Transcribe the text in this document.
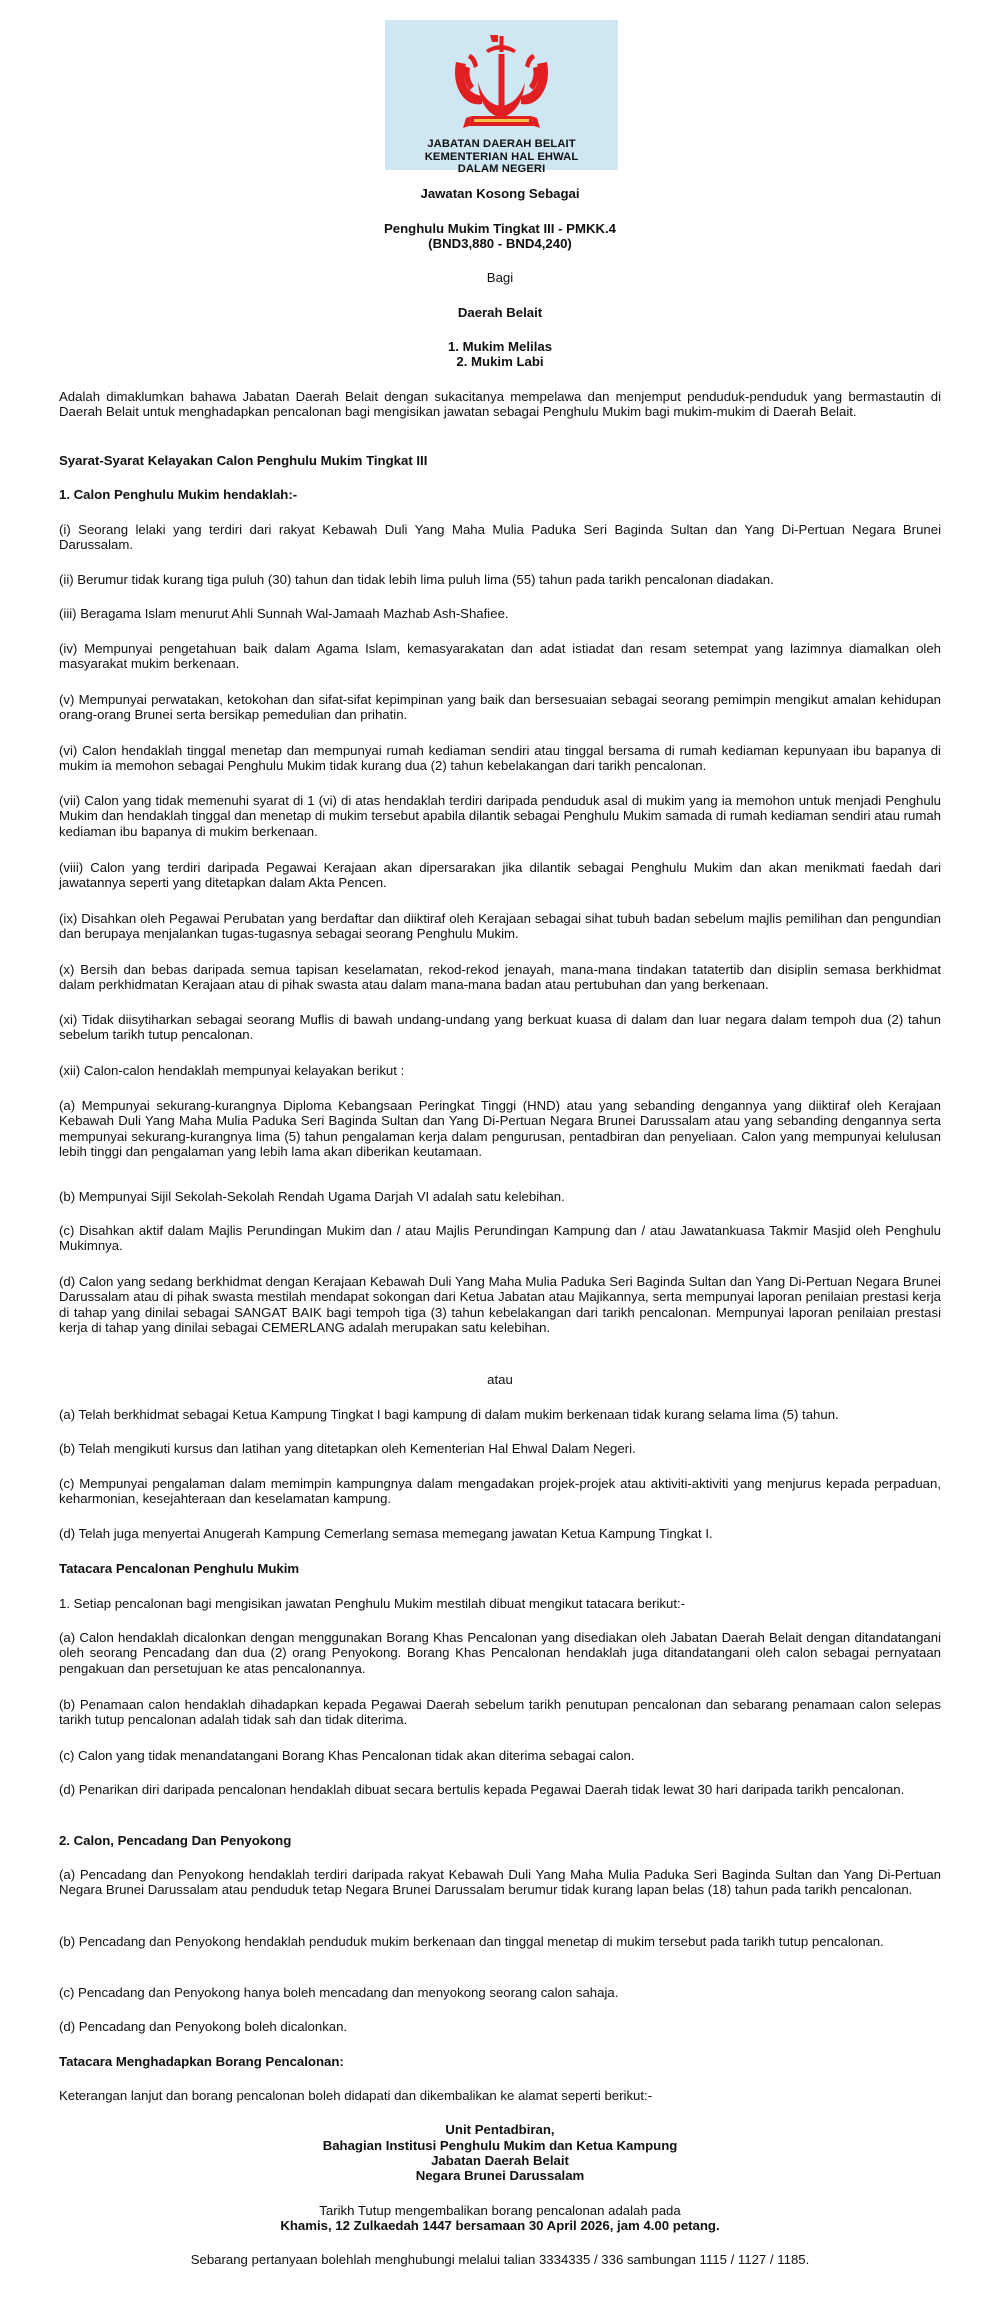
JABATAN DAERAH BELAIT
KEMENTERIAN HAL EHWAL
DALAM NEGERI
Jawatan Kosong Sebagai
Penghulu Mukim Tingkat III - PMKK.4
(BND3,880 - BND4,240)
Bagi
Daerah Belait
1. Mukim Melilas
2. Mukim Labi
Adalah dimaklumkan bahawa Jabatan Daerah Belait dengan sukacitanya mempelawa dan menjemput penduduk-penduduk yang bermastautin di Daerah Belait untuk menghadapkan pencalonan bagi mengisikan jawatan sebagai Penghulu Mukim bagi mukim-mukim di Daerah Belait.
Syarat-Syarat Kelayakan Calon Penghulu Mukim Tingkat III
1. Calon Penghulu Mukim hendaklah:-
(i) Seorang lelaki yang terdiri dari rakyat Kebawah Duli Yang Maha Mulia Paduka Seri Baginda Sultan dan Yang Di-Pertuan Negara Brunei Darussalam.
(ii) Berumur tidak kurang tiga puluh (30) tahun dan tidak lebih lima puluh lima (55) tahun pada tarikh pencalonan diadakan.
(iii) Beragama Islam menurut Ahli Sunnah Wal-Jamaah Mazhab Ash-Shafiee.
(iv) Mempunyai pengetahuan baik dalam Agama Islam, kemasyarakatan dan adat istiadat dan resam setempat yang lazimnya diamalkan oleh masyarakat mukim berkenaan.
(v) Mempunyai perwatakan, ketokohan dan sifat-sifat kepimpinan yang baik dan bersesuaian sebagai seorang pemimpin mengikut amalan kehidupan orang-orang Brunei serta bersikap pemedulian dan prihatin.
(vi) Calon hendaklah tinggal menetap dan mempunyai rumah kediaman sendiri atau tinggal bersama di rumah kediaman kepunyaan ibu bapanya di mukim ia memohon sebagai Penghulu Mukim tidak kurang dua (2) tahun kebelakangan dari tarikh pencalonan.
(vii) Calon yang tidak memenuhi syarat di 1 (vi) di atas hendaklah terdiri daripada penduduk asal di mukim yang ia memohon untuk menjadi Penghulu Mukim dan hendaklah tinggal dan menetap di mukim tersebut apabila dilantik sebagai Penghulu Mukim samada di rumah kediaman sendiri atau rumah kediaman ibu bapanya di mukim berkenaan.
(viii) Calon yang terdiri daripada Pegawai Kerajaan akan dipersarakan jika dilantik sebagai Penghulu Mukim dan akan menikmati faedah dari jawatannya seperti yang ditetapkan dalam Akta Pencen.
(ix) Disahkan oleh Pegawai Perubatan yang berdaftar dan diiktiraf oleh Kerajaan sebagai sihat tubuh badan sebelum majlis pemilihan dan pengundian dan berupaya menjalankan tugas-tugasnya sebagai seorang Penghulu Mukim.
(x) Bersih dan bebas daripada semua tapisan keselamatan, rekod-rekod jenayah, mana-mana tindakan tatatertib dan disiplin semasa berkhidmat dalam perkhidmatan Kerajaan atau di pihak swasta atau dalam mana-mana badan atau pertubuhan dan yang berkenaan.
(xi) Tidak diisytiharkan sebagai seorang Muflis di bawah undang-undang yang berkuat kuasa di dalam dan luar negara dalam tempoh dua (2) tahun sebelum tarikh tutup pencalonan.
(xii) Calon-calon hendaklah mempunyai kelayakan berikut :
(a) Mempunyai sekurang-kurangnya Diploma Kebangsaan Peringkat Tinggi (HND) atau yang sebanding dengannya yang diiktiraf oleh Kerajaan Kebawah Duli Yang Maha Mulia Paduka Seri Baginda Sultan dan Yang Di-Pertuan Negara Brunei Darussalam atau yang sebanding dengannya serta mempunyai sekurang-kurangnya lima (5) tahun pengalaman kerja dalam pengurusan, pentadbiran dan penyeliaan. Calon yang mempunyai kelulusan lebih tinggi dan pengalaman yang lebih lama akan diberikan keutamaan.
(b) Mempunyai Sijil Sekolah-Sekolah Rendah Ugama Darjah VI adalah satu kelebihan.
(c) Disahkan aktif dalam Majlis Perundingan Mukim dan / atau Majlis Perundingan Kampung dan / atau Jawatankuasa Takmir Masjid oleh Penghulu Mukimnya.
(d) Calon yang sedang berkhidmat dengan Kerajaan Kebawah Duli Yang Maha Mulia Paduka Seri Baginda Sultan dan Yang Di-Pertuan Negara Brunei Darussalam atau di pihak swasta mestilah mendapat sokongan dari Ketua Jabatan atau Majikannya, serta mempunyai laporan penilaian prestasi kerja di tahap yang dinilai sebagai SANGAT BAIK bagi tempoh tiga (3) tahun kebelakangan dari tarikh pencalonan. Mempunyai laporan penilaian prestasi kerja di tahap yang dinilai sebagai CEMERLANG adalah merupakan satu kelebihan.
atau
(a) Telah berkhidmat sebagai Ketua Kampung Tingkat I bagi kampung di dalam mukim berkenaan tidak kurang selama lima (5) tahun.
(b) Telah mengikuti kursus dan latihan yang ditetapkan oleh Kementerian Hal Ehwal Dalam Negeri.
(c) Mempunyai pengalaman dalam memimpin kampungnya dalam mengadakan projek-projek atau aktiviti-aktiviti yang menjurus kepada perpaduan, keharmonian, kesejahteraan dan keselamatan kampung.
(d) Telah juga menyertai Anugerah Kampung Cemerlang semasa memegang jawatan Ketua Kampung Tingkat I.
Tatacara Pencalonan Penghulu Mukim
1. Setiap pencalonan bagi mengisikan jawatan Penghulu Mukim mestilah dibuat mengikut tatacara berikut:-
(a) Calon hendaklah dicalonkan dengan menggunakan Borang Khas Pencalonan yang disediakan oleh Jabatan Daerah Belait dengan ditandatangani oleh seorang Pencadang dan dua (2) orang Penyokong. Borang Khas Pencalonan hendaklah juga ditandatangani oleh calon sebagai pernyataan pengakuan dan persetujuan ke atas pencalonannya.
(b) Penamaan calon hendaklah dihadapkan kepada Pegawai Daerah sebelum tarikh penutupan pencalonan dan sebarang penamaan calon selepas tarikh tutup pencalonan adalah tidak sah dan tidak diterima.
(c) Calon yang tidak menandatangani Borang Khas Pencalonan tidak akan diterima sebagai calon.
(d) Penarikan diri daripada pencalonan hendaklah dibuat secara bertulis kepada Pegawai Daerah tidak lewat 30 hari daripada tarikh pencalonan.
2. Calon, Pencadang Dan Penyokong
(a) Pencadang dan Penyokong hendaklah terdiri daripada rakyat Kebawah Duli Yang Maha Mulia Paduka Seri Baginda Sultan dan Yang Di-Pertuan Negara Brunei Darussalam atau penduduk tetap Negara Brunei Darussalam berumur tidak kurang lapan belas (18) tahun pada tarikh pencalonan.
(b) Pencadang dan Penyokong hendaklah penduduk mukim berkenaan dan tinggal menetap di mukim tersebut pada tarikh tutup pencalonan.
(c) Pencadang dan Penyokong hanya boleh mencadang dan menyokong seorang calon sahaja.
(d) Pencadang dan Penyokong boleh dicalonkan.
Tatacara Menghadapkan Borang Pencalonan:
Keterangan lanjut dan borang pencalonan boleh didapati dan dikembalikan ke alamat seperti berikut:-
Unit Pentadbiran,
Bahagian Institusi Penghulu Mukim dan Ketua Kampung
Jabatan Daerah Belait
Negara Brunei Darussalam
Tarikh Tutup mengembalikan borang pencalonan adalah pada
Khamis, 12 Zulkaedah 1447 bersamaan 30 April 2026, jam 4.00 petang.
Sebarang pertanyaan bolehlah menghubungi melalui talian 3334335 / 336 sambungan 1115 / 1127 / 1185.
